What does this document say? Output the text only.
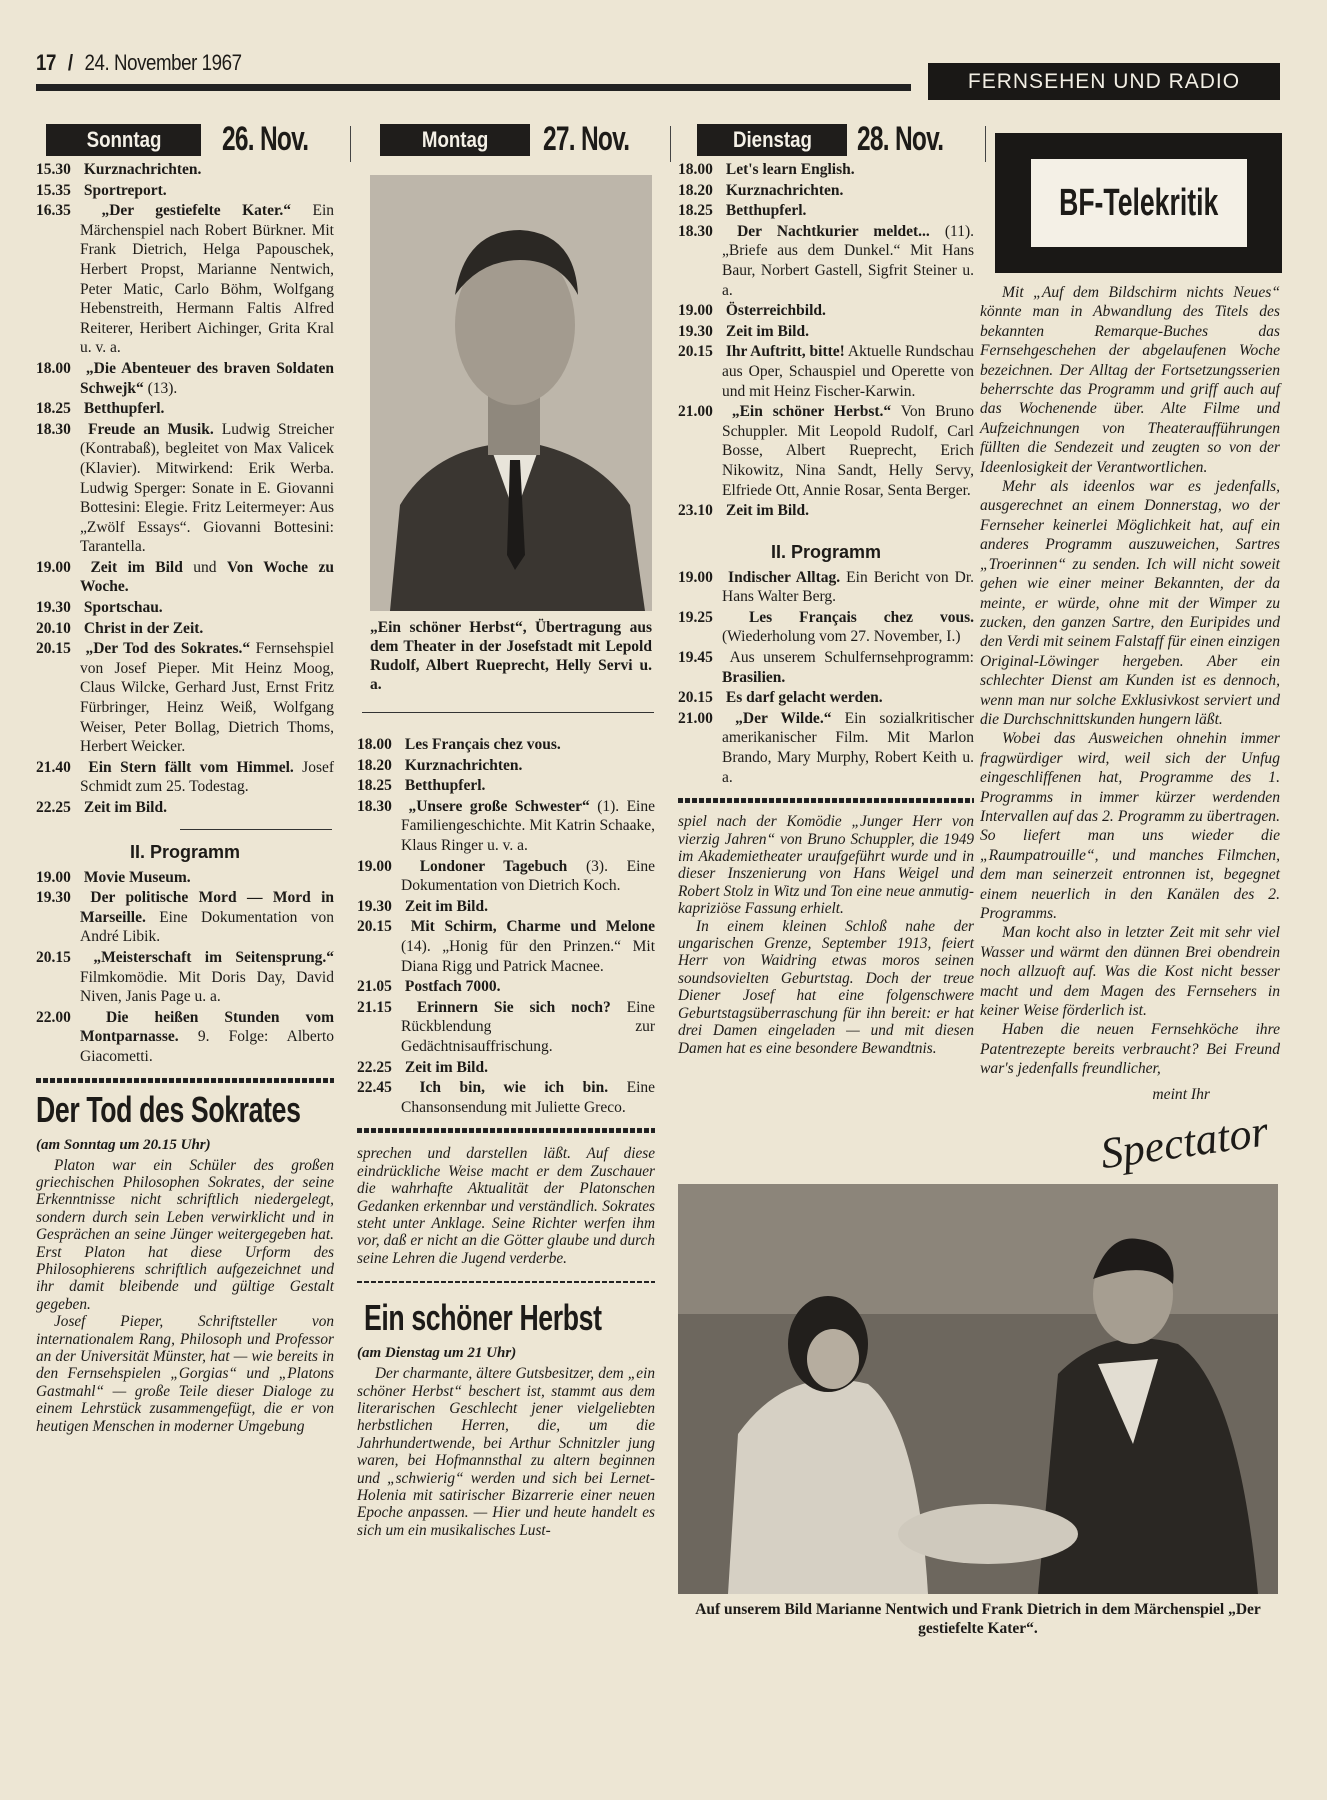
17 / 24. November 1967
FERNSEHEN UND RADIO
Sonntag 26. Nov.	Montag 27. Nov.	Dienstag 28. Nov.
15.30 Kurznachrichten.
15.35 Sportreport.
16.35 „Der gestiefelte Kater.“ Ein Märchenspiel nach Robert Bürkner. Mit Frank Dietrich, Helga Papouschek, Herbert Propst, Marianne Nentwich, Peter Matic, Carlo Böhm, Wolfgang Hebenstreith, Hermann Faltis Alfred Reiterer, Heribert Aichinger, Grita Kral u. v. a.
18.00 „Die Abenteuer des braven Soldaten Schwejk“ (13).
18.25 Betthupferl.
18.30 Freude an Musik. Ludwig Streicher (Kontrabaß), begleitet von Max Valicek (Klavier). Mitwirkend: Erik Werba. Ludwig Sperger: Sonate in E. Giovanni Bottesini: Elegie. Fritz Leitermeyer: Aus „Zwölf Essays“. Giovanni Bottesini: Tarantella.
19.00 Zeit im Bild und Von Woche zu Woche.
19.30 Sportschau.
20.10 Christ in der Zeit.
20.15 „Der Tod des Sokrates.“ Fernsehspiel von Josef Pieper. Mit Heinz Moog, Claus Wilcke, Gerhard Just, Ernst Fritz Fürbringer, Heinz Weiß, Wolfgang Weiser, Peter Bollag, Dietrich Thoms, Herbert Weicker.
21.40 Ein Stern fällt vom Himmel. Josef Schmidt zum 25. Todestag.
22.25 Zeit im Bild.

II. Programm

19.00 Movie Museum.
19.30 Der politische Mord — Mord in Marseille. Eine Dokumentation von André Libik.
20.15 „Meisterschaft im Seitensprung.“ Filmkomödie. Mit Doris Day, David Niven, Janis Page u. a.
22.00 Die heißen Stunden vom Montparnasse. 9. Folge: Alberto Giacometti.
Der Tod des Sokrates
(am Sonntag um 20.15 Uhr)

Platon war ein Schüler des großen griechischen Philosophen Sokrates, der seine Erkenntnisse nicht schriftlich niedergelegt, sondern durch sein Leben verwirklicht und in Gesprächen an seine Jünger weitergegeben hat. Erst Platon hat diese Urform des Philosophierens schriftlich aufgezeichnet und ihr damit bleibende und gültige Gestalt gegeben.

Josef Pieper, Schriftsteller von internationalem Rang, Philosoph und Professor an der Universität Münster, hat — wie bereits in den Fernsehspielen „Gorgias“ und „Platons Gastmahl“ — große Teile dieser Dialoge zu einem Lehrstück zusammengefügt, die er von heutigen Menschen in moderner Umgebung

„Ein schöner Herbst“, Übertragung aus dem Theater in der Josefstadt mit Lepold Rudolf, Albert Rueprecht, Helly Servi u. a.
18.00 Les Français chez vous.
18.20 Kurznachrichten.
18.25 Betthupferl.
18.30 „Unsere große Schwester“ (1). Eine Familiengeschichte. Mit Katrin Schaake, Klaus Ringer u. v. a.
19.00 Londoner Tagebuch (3). Eine Dokumentation von Dietrich Koch.
19.30 Zeit im Bild.
20.15 Mit Schirm, Charme und Melone (14). „Honig für den Prinzen.“ Mit Diana Rigg und Patrick Macnee.
21.05 Postfach 7000.
21.15 Erinnern Sie sich noch? Eine Rückblendung zur Gedächtnisauffrischung.
22.25 Zeit im Bild.
22.45 Ich bin, wie ich bin. Eine Chansonsendung mit Juliette Greco.

sprechen und darstellen läßt. Auf diese eindrückliche Weise macht er dem Zuschauer die wahrhafte Aktualität der Platonschen Gedanken erkennbar und verständlich. Sokrates steht unter Anklage. Seine Richter werfen ihm vor, daß er nicht an die Götter glaube und durch seine Lehren die Jugend verderbe.

Ein schöner Herbst
(am Dienstag um 21 Uhr)

Der charmante, ältere Gutsbesitzer, dem „ein schöner Herbst“ beschert ist, stammt aus dem literarischen Geschlecht jener vielgeliebten herbstlichen Herren, die, um die Jahrhundertwende, bei Arthur Schnitzler jung waren, bei Hofmannsthal zu altern beginnen und „schwierig“ werden und sich bei Lernet-Holenia mit satirischer Bizarrerie einer neuen Epoche anpassen. — Hier und heute handelt es sich um ein musikalisches Lust-

18.00 Let's learn English.
18.20 Kurznachrichten.
18.25 Betthupferl.
18.30 Der Nachtkurier meldet... (11). „Briefe aus dem Dunkel.“ Mit Hans Baur, Norbert Gastell, Sigfrit Steiner u. a.
19.00 Österreichbild.
19.30 Zeit im Bild.
20.15 Ihr Auftritt, bitte! Aktuelle Rundschau aus Oper, Schauspiel und Operette von und mit Heinz Fischer-Karwin.
21.00 „Ein schöner Herbst.“ Von Bruno Schuppler. Mit Leopold Rudolf, Carl Bosse, Albert Rueprecht, Erich Nikowitz, Nina Sandt, Helly Servy, Elfriede Ott, Annie Rosar, Senta Berger.
23.10 Zeit im Bild.

II. Programm

19.00 Indischer Alltag. Ein Bericht von Dr. Hans Walter Berg.
19.25 Les Français chez vous. (Wiederholung vom 27. November, I.)
19.45 Aus unserem Schulfernsehprogramm: Brasilien.
20.15 Es darf gelacht werden.
21.00 „Der Wilde.“ Ein sozialkritischer amerikanischer Film. Mit Marlon Brando, Mary Murphy, Robert Keith u. a.

spiel nach der Komödie „Junger Herr von vierzig Jahren“ von Bruno Schuppler, die 1949 im Akademietheater uraufgeführt wurde und in dieser Inszenierung von Hans Weigel und Robert Stolz in Witz und Ton eine neue anmutig-kapriziöse Fassung erhielt.

In einem kleinen Schloß nahe der ungarischen Grenze, September 1913, feiert Herr von Waidring etwas moros seinen soundsovielten Geburtstag. Doch der treue Diener Josef hat eine folgenschwere Geburtstagsüberraschung für ihn bereit: er hat drei Damen eingeladen — und mit diesen Damen hat es eine besondere Bewandtnis.

BF-Telekritik

Mit „Auf dem Bildschirm nichts Neues“ könnte man in Abwandlung des Titels des bekannten Remarque-Buches das Fernsehgeschehen der abgelaufenen Woche bezeichnen. Der Alltag der Fortsetzungsserien beherrschte das Programm und griff auch auf das Wochenende über. Alte Filme und Aufzeichnungen von Theateraufführungen füllten die Sendezeit und zeugten so von der Ideenlosigkeit der Verantwortlichen.

Mehr als ideenlos war es jedenfalls, ausgerechnet an einem Donnerstag, wo der Fernseher keinerlei Möglichkeit hat, auf ein anderes Programm auszuweichen, Sartres „Troerinnen“ zu senden. Ich will nicht soweit gehen wie einer meiner Bekannten, der da meinte, er würde, ohne mit der Wimper zu zucken, den ganzen Sartre, den Euripides und den Verdi mit seinem Falstaff für einen einzigen Original-Löwinger hergeben. Aber ein schlechter Dienst am Kunden ist es dennoch, wenn man nur solche Exklusivkost serviert und die Durchschnittskunden hungern läßt.

Wobei das Ausweichen ohnehin immer fragwürdiger wird, weil sich der Unfug eingeschliffenen hat, Programme des 1. Programms in immer kürzer werdenden Intervallen auf das 2. Programm zu übertragen. So liefert man uns wieder die „Raumpatrouille“, und manches Filmchen, dem man seinerzeit entronnen ist, begegnet einem neuerlich in den Kanälen des 2. Programms.

Man kocht also in letzter Zeit mit sehr viel Wasser und wärmt den dünnen Brei obendrein noch allzuoft auf. Was die Kost nicht besser macht und dem Magen des Fernsehers in keiner Weise förderlich ist.

Haben die neuen Fernsehköche ihre Patentrezepte bereits verbraucht? Bei Freund war's jedenfalls freundlicher,

meint Ihr
Spectator
Auf unserem Bild Marianne Nentwich und Frank Dietrich in dem Märchenspiel „Der gestiefelte Kater“.
